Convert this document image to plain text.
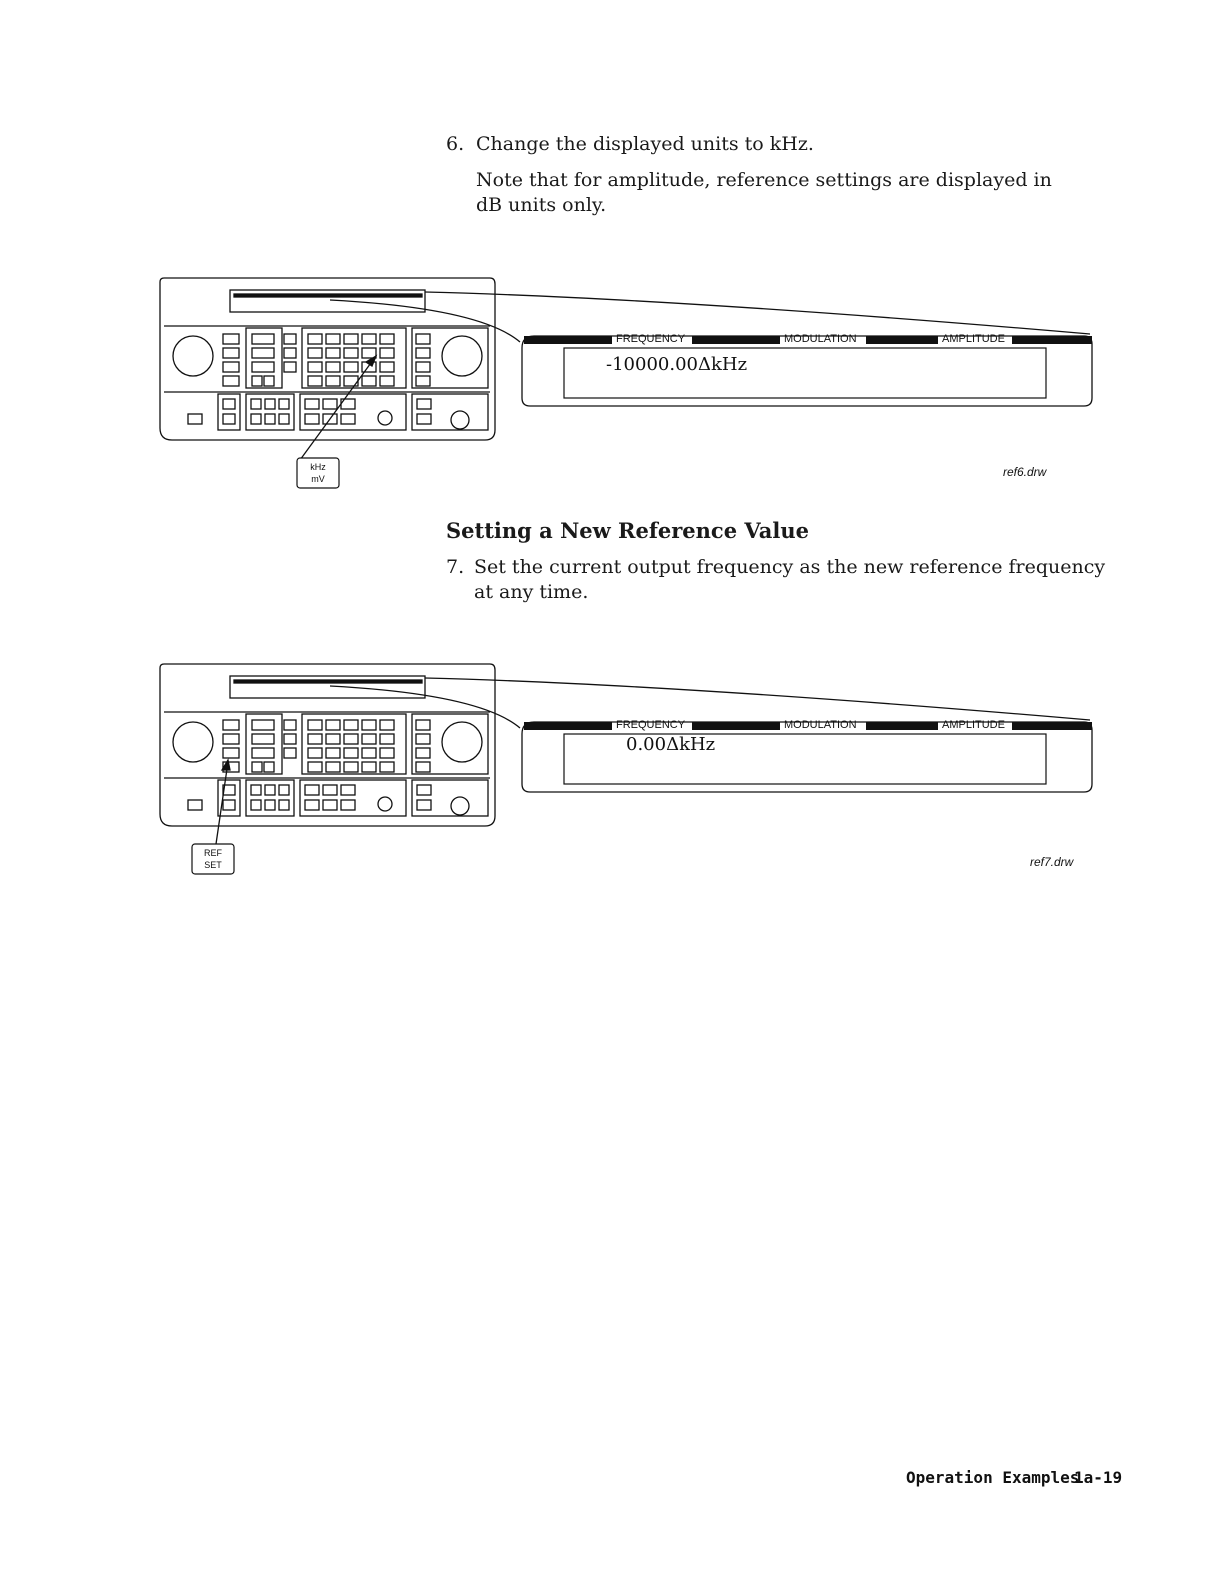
6. Change the displayed units to kHz.
Note that for amplitude, reference settings are displayed in dB units only.
FREQUENCY	MODULATION	AMPLITUDE
-10000.00ΔkHz
kHz
mV	ref6.drw
Setting a New Reference Value
7. Set the current output frequency as the new reference frequency
at any time.
FREQUENCY	MODULATION	AMPLITUDE
0.00ΔkHz
REF
SET	ref7.drw
Operation Examples
1a-19
